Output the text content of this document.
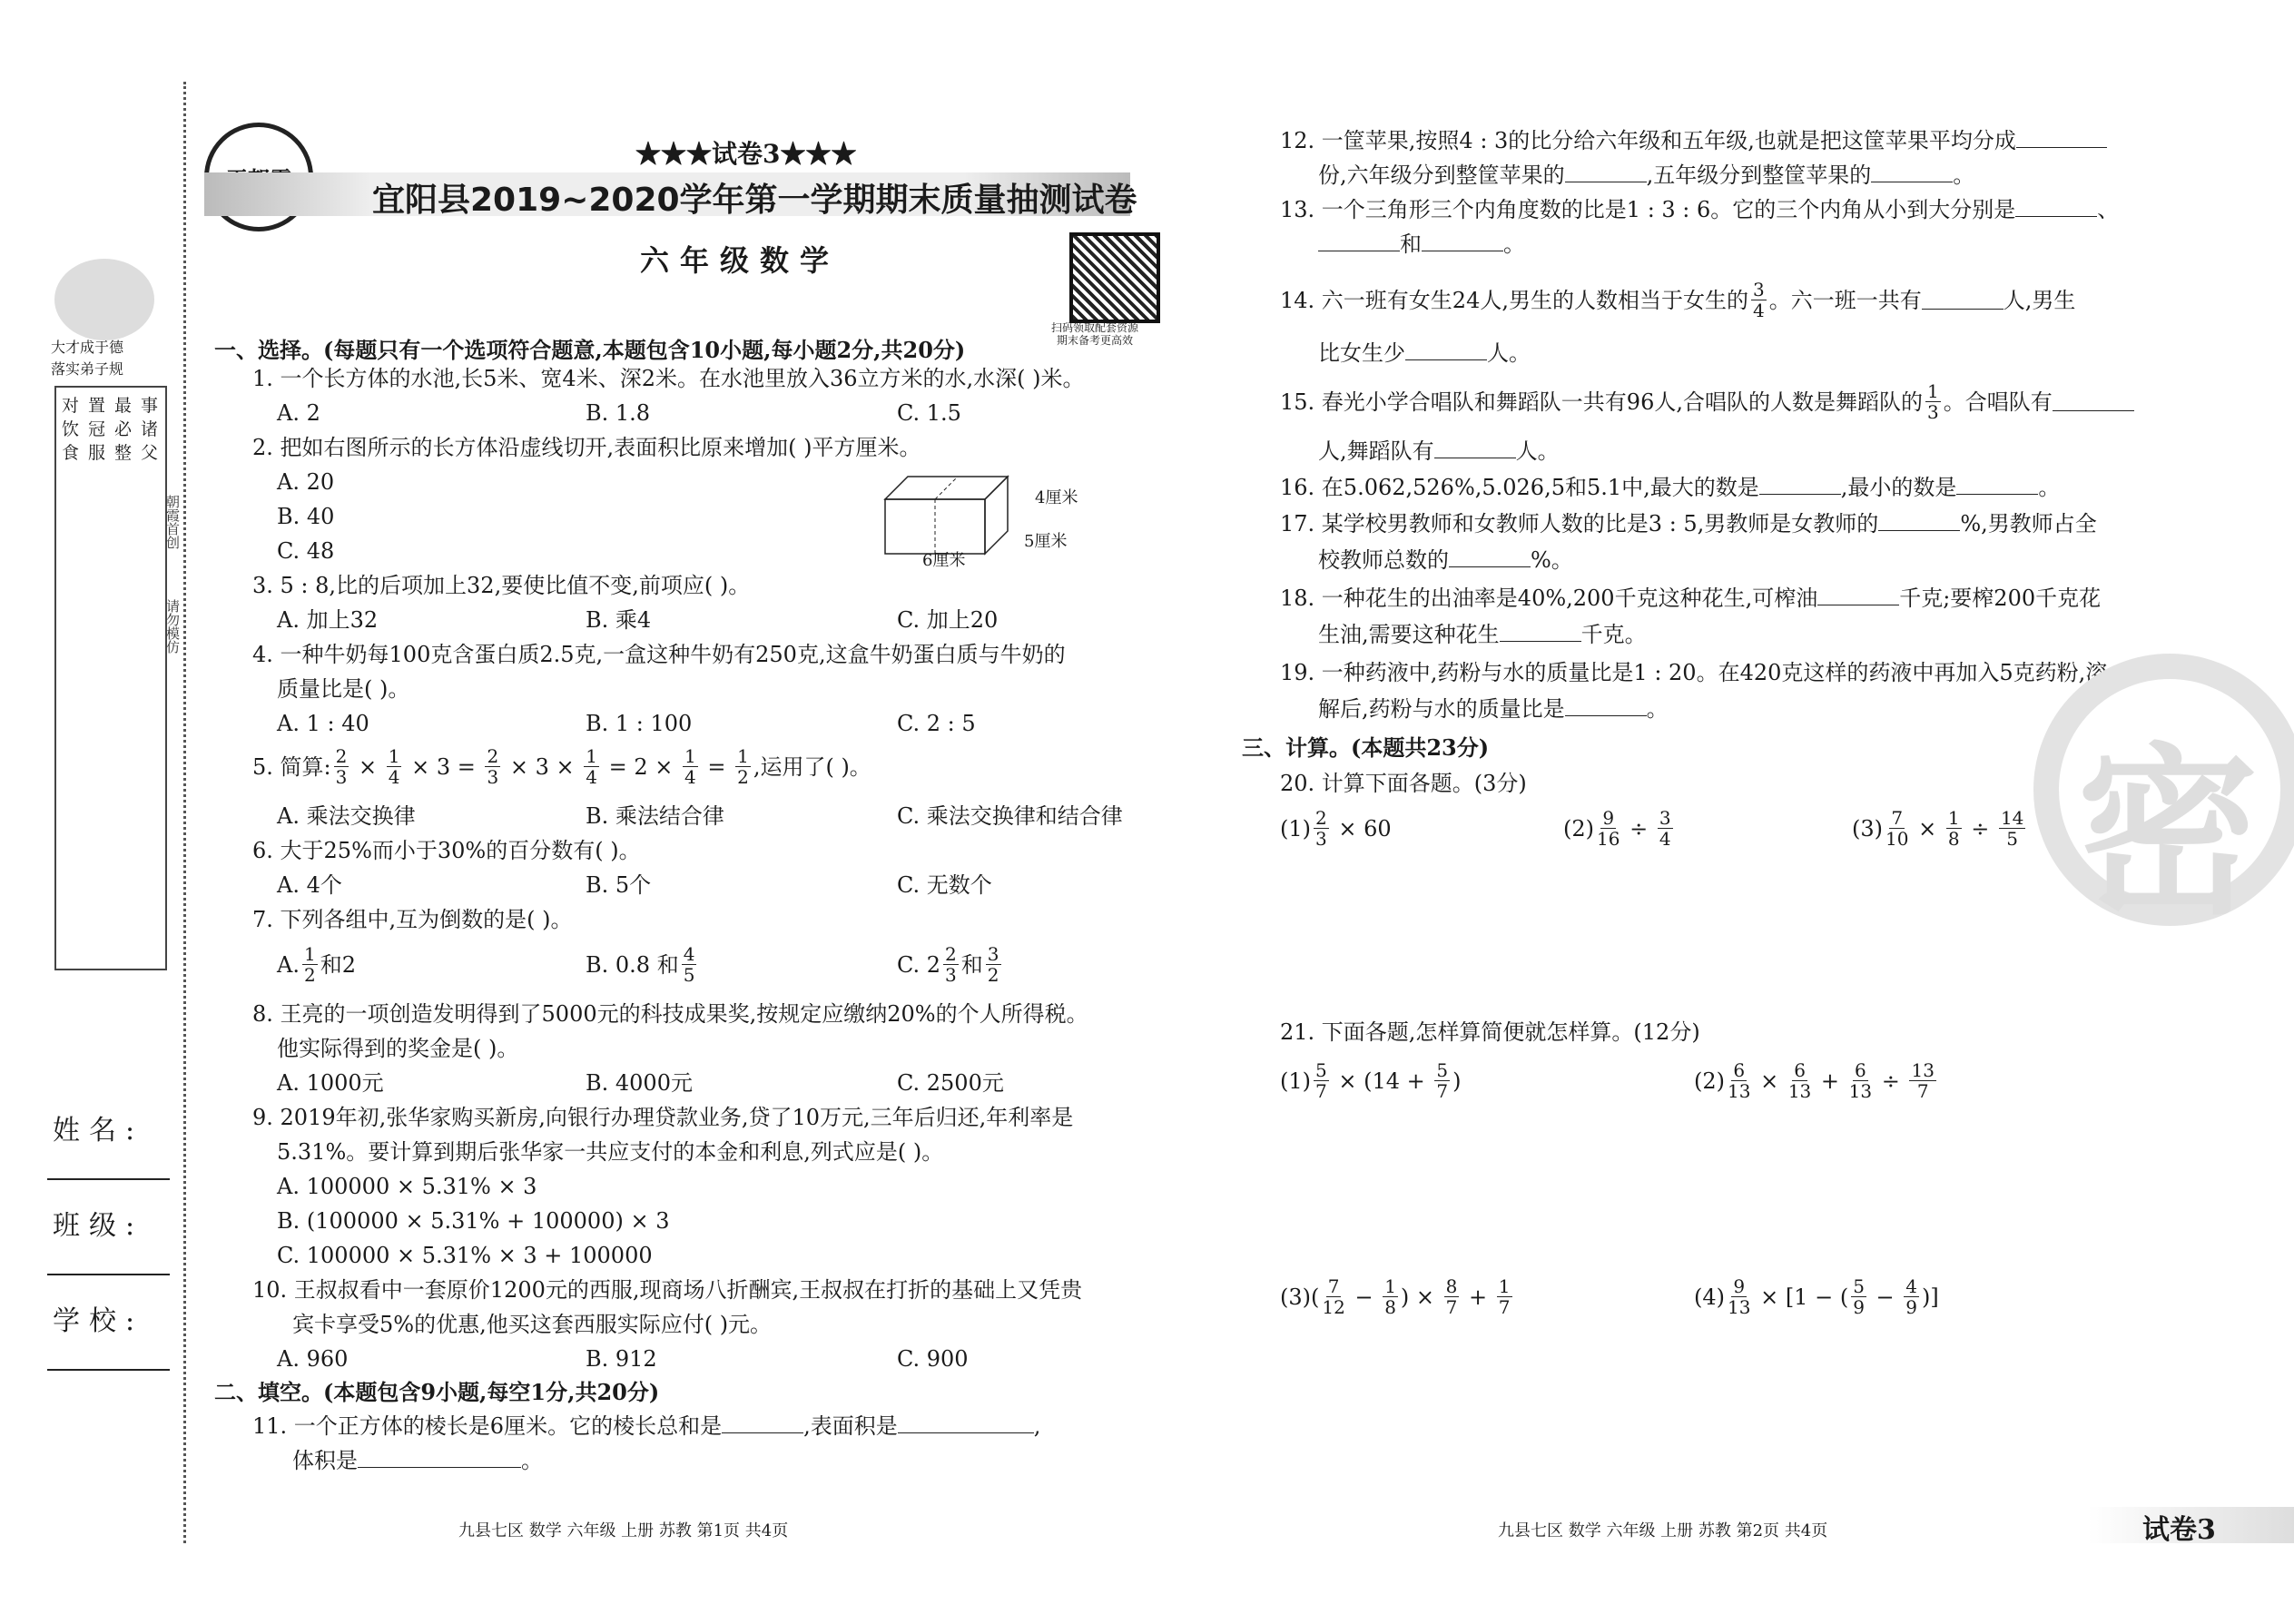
大才成于德
落实弟子规
对 置 最 事
饮 冠 必 诸
食 服 整 父
朝霞首创
请勿模仿
姓名:
班级:
学校:
★★★试卷3★★★
宜阳县2019~2020学年第一学期期末质量抽测试卷
六年级数学
扫码领取配套资源
期末备考更高效
一、选择。(每题只有一个选项符合题意,本题包含10小题,每小题2分,共20分)
1. 一个长方体的水池,长5米、宽4米、深2米。在水池里放入36立方米的水,水深( )米。
A. 2	B. 1.8	C. 1.5
2. 把如右图所示的长方体沿虚线切开,表面积比原来增加( )平方厘米。
A. 20
B. 40
C. 48
4厘米
5厘米
6厘米
3. 5 : 8,比的后项加上32,要使比值不变,前项应( )。
A. 加上32	B. 乘4	C. 加上20
4. 一种牛奶每100克含蛋白质2.5克,一盒这种牛奶有250克,这盒牛奶蛋白质与牛奶的
质量比是( )。
A. 1 : 40	B. 1 : 100	C. 2 : 5
5. 简算: $\frac{2}{3} \times \frac{1}{4} \times 3 = \frac{2}{3} \times 3 \times \frac{1}{4} = 2 \times \frac{1}{4} = \frac{1}{2}$ ,运用了( )。
A. 乘法交换律	B. 乘法结合律	C. 乘法交换律和结合律
6. 大于25%而小于30%的百分数有( )。
A. 4个	B. 5个	C. 无数个
7. 下列各组中,互为倒数的是( )。
A. $\frac{1}{2}$ 和2	B. 0.8 和 $\frac{4}{5}$	C. $2 \frac{2}{3}$ 和 $\frac{3}{2}$
8. 王亮的一项创造发明得到了5000元的科技成果奖,按规定应缴纳20%的个人所得税。
他实际得到的奖金是( )。
A. 1000元	B. 4000元	C. 2500元
9. 2019年初,张华家购买新房,向银行办理贷款业务,贷了10万元,三年后归还,年利率是
5.31%。要计算到期后张华家一共应支付的本金和利息,列式应是( )。
A. 100000 × 5.31% × 3
B. (100000 × 5.31% + 100000) × 3
C. 100000 × 5.31% × 3 + 100000
10. 王叔叔看中一套原价1200元的西服,现商场八折酬宾,王叔叔在打折的基础上又凭贵
宾卡享受5%的优惠,他买这套西服实际应付( )元。
A. 960	B. 912	C. 900
二、填空。(本题包含9小题,每空1分,共20分)
11. 一个正方体的棱长是6厘米。它的棱长总和是	,表面积是	,
体积是	。
九县七区 数学 六年级 上册 苏教 第1页 共4页
12. 一筐苹果,按照4 : 3的比分给六年级和五年级,也就是把这筐苹果平均分成
份,六年级分到整筐苹果的	,五年级分到整筐苹果的	。
13. 一个三角形三个内角度数的比是1 : 3 : 6。它的三个内角从小到大分别是	、
和	。
14. 六一班有女生24人,男生的人数相当于女生的 $\frac{3}{4}$ 。六一班一共有	人,男生
比女生少	人。
15. 春光小学合唱队和舞蹈队一共有96人,合唱队的人数是舞蹈队的 $\frac{1}{3}$ 。合唱队有
人,舞蹈队有	人。
16. 在5.062,526%,5.026,5和5.1中,最大的数是	,最小的数是	。
17. 某学校男教师和女教师人数的比是3 : 5,男教师是女教师的	%,男教师占全
校教师总数的	%。
18. 一种花生的出油率是40%,200千克这种花生,可榨油	千克;要榨200千克花
生油,需要这种花生	千克。
19. 一种药液中,药粉与水的质量比是1 : 20。在420克这样的药液中再加入5克药粉,溶
解后,药粉与水的质量比是	。
三、计算。(本题共23分)
20. 计算下面各题。(3分)
$(1) \frac{2}{3} \times 60$	$(2) \frac{9}{16} \div \frac{3}{4}$	$(3) \frac{7}{10} \times \frac{1}{8} \div \frac{14}{5}$
21. 下面各题,怎样算简便就怎样算。(12分)
$(1) \frac{5}{7} \times (14 + \frac{5}{7}$ )	$(2) \frac{6}{13} \times \frac{6}{13} + \frac{6}{13} \div \frac{13}{7}$
$(3)( \frac{7}{12} - \frac{1}{8}$ ) × $\frac{8}{7} + \frac{1}{7}$	$(4) \frac{9}{13} \times [1$ − ( $\frac{5}{9} - \frac{4}{9}$ )]
密
九县七区 数学 六年级 上册 苏教 第2页 共4页	试卷3
